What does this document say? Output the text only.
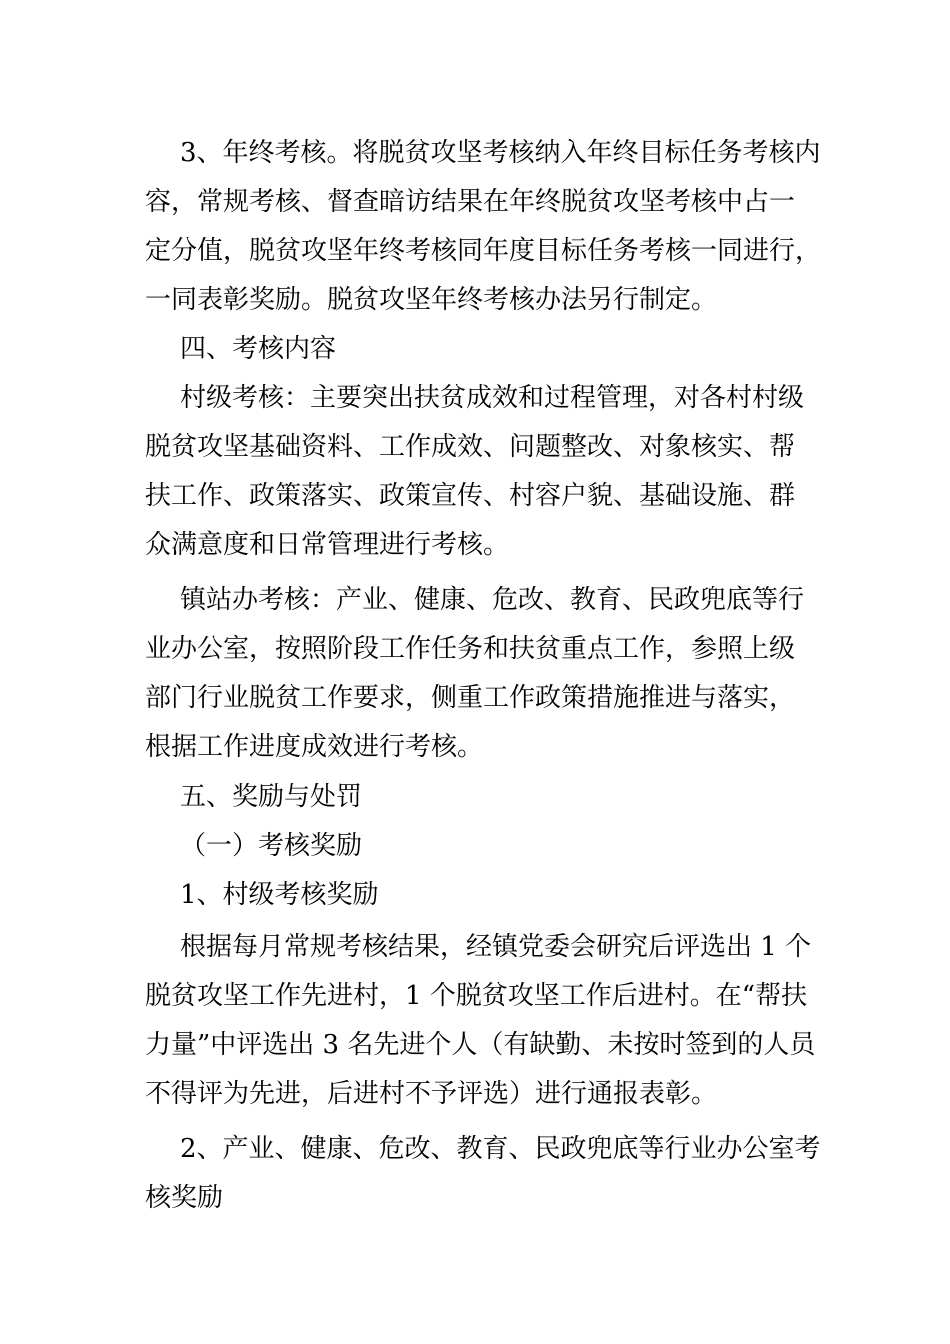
3、年终考核。将脱贫攻坚考核纳入年终目标任务考核内
容，常规考核、督查暗访结果在年终脱贫攻坚考核中占一
定分值，脱贫攻坚年终考核同年度目标任务考核一同进行，
一同表彰奖励。脱贫攻坚年终考核办法另行制定。
四、考核内容
村级考核：主要突出扶贫成效和过程管理，对各村村级
脱贫攻坚基础资料、工作成效、问题整改、对象核实、帮
扶工作、政策落实、政策宣传、村容户貌、基础设施、群
众满意度和日常管理进行考核。
镇站办考核：产业、健康、危改、教育、民政兜底等行
业办公室，按照阶段工作任务和扶贫重点工作，参照上级
部门行业脱贫工作要求，侧重工作政策措施推进与落实，
根据工作进度成效进行考核。
五、奖励与处罚
（一）考核奖励
1、村级考核奖励
根据每月常规考核结果，经镇党委会研究后评选出 1 个
脱贫攻坚工作先进村，1 个脱贫攻坚工作后进村。在“帮扶
力量”中评选出 3 名先进个人（有缺勤、未按时签到的人员
不得评为先进，后进村不予评选）进行通报表彰。
2、产业、健康、危改、教育、民政兜底等行业办公室考
核奖励
